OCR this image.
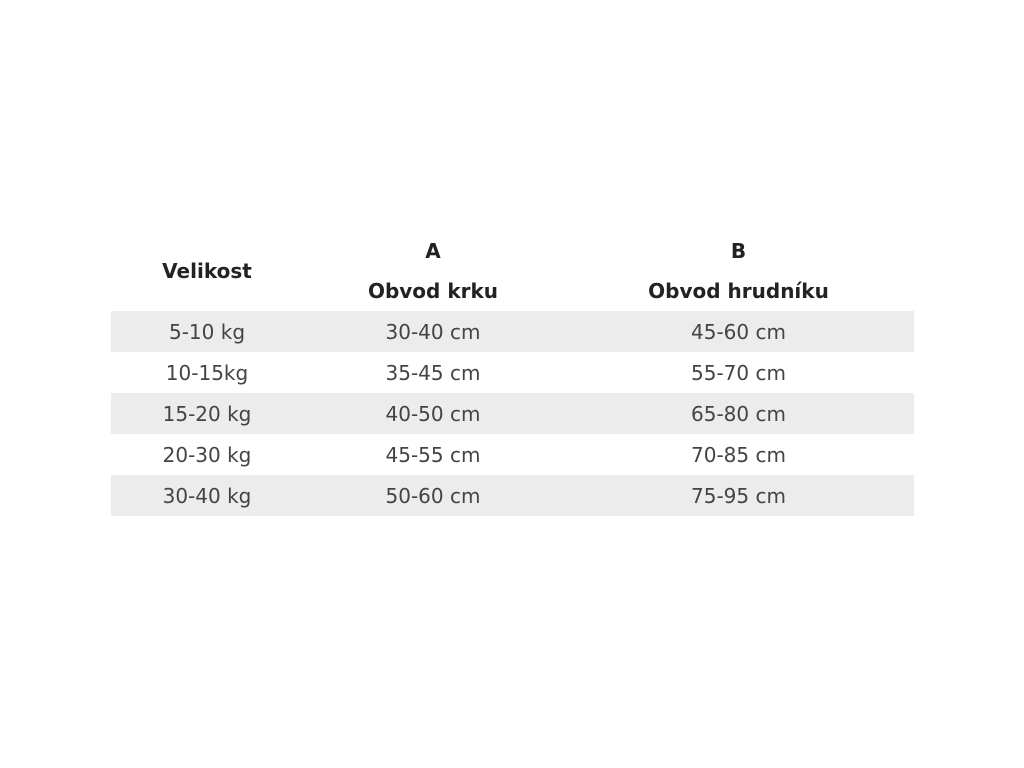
Velikost	A	B
	Obvod krku	Obvod hrudníku
5-10 kg	30-40 cm	45-60 cm
10-15kg	35-45 cm	55-70 cm
15-20 kg	40-50 cm	65-80 cm
20-30 kg	45-55 cm	70-85 cm
30-40 kg	50-60 cm	75-95 cm
